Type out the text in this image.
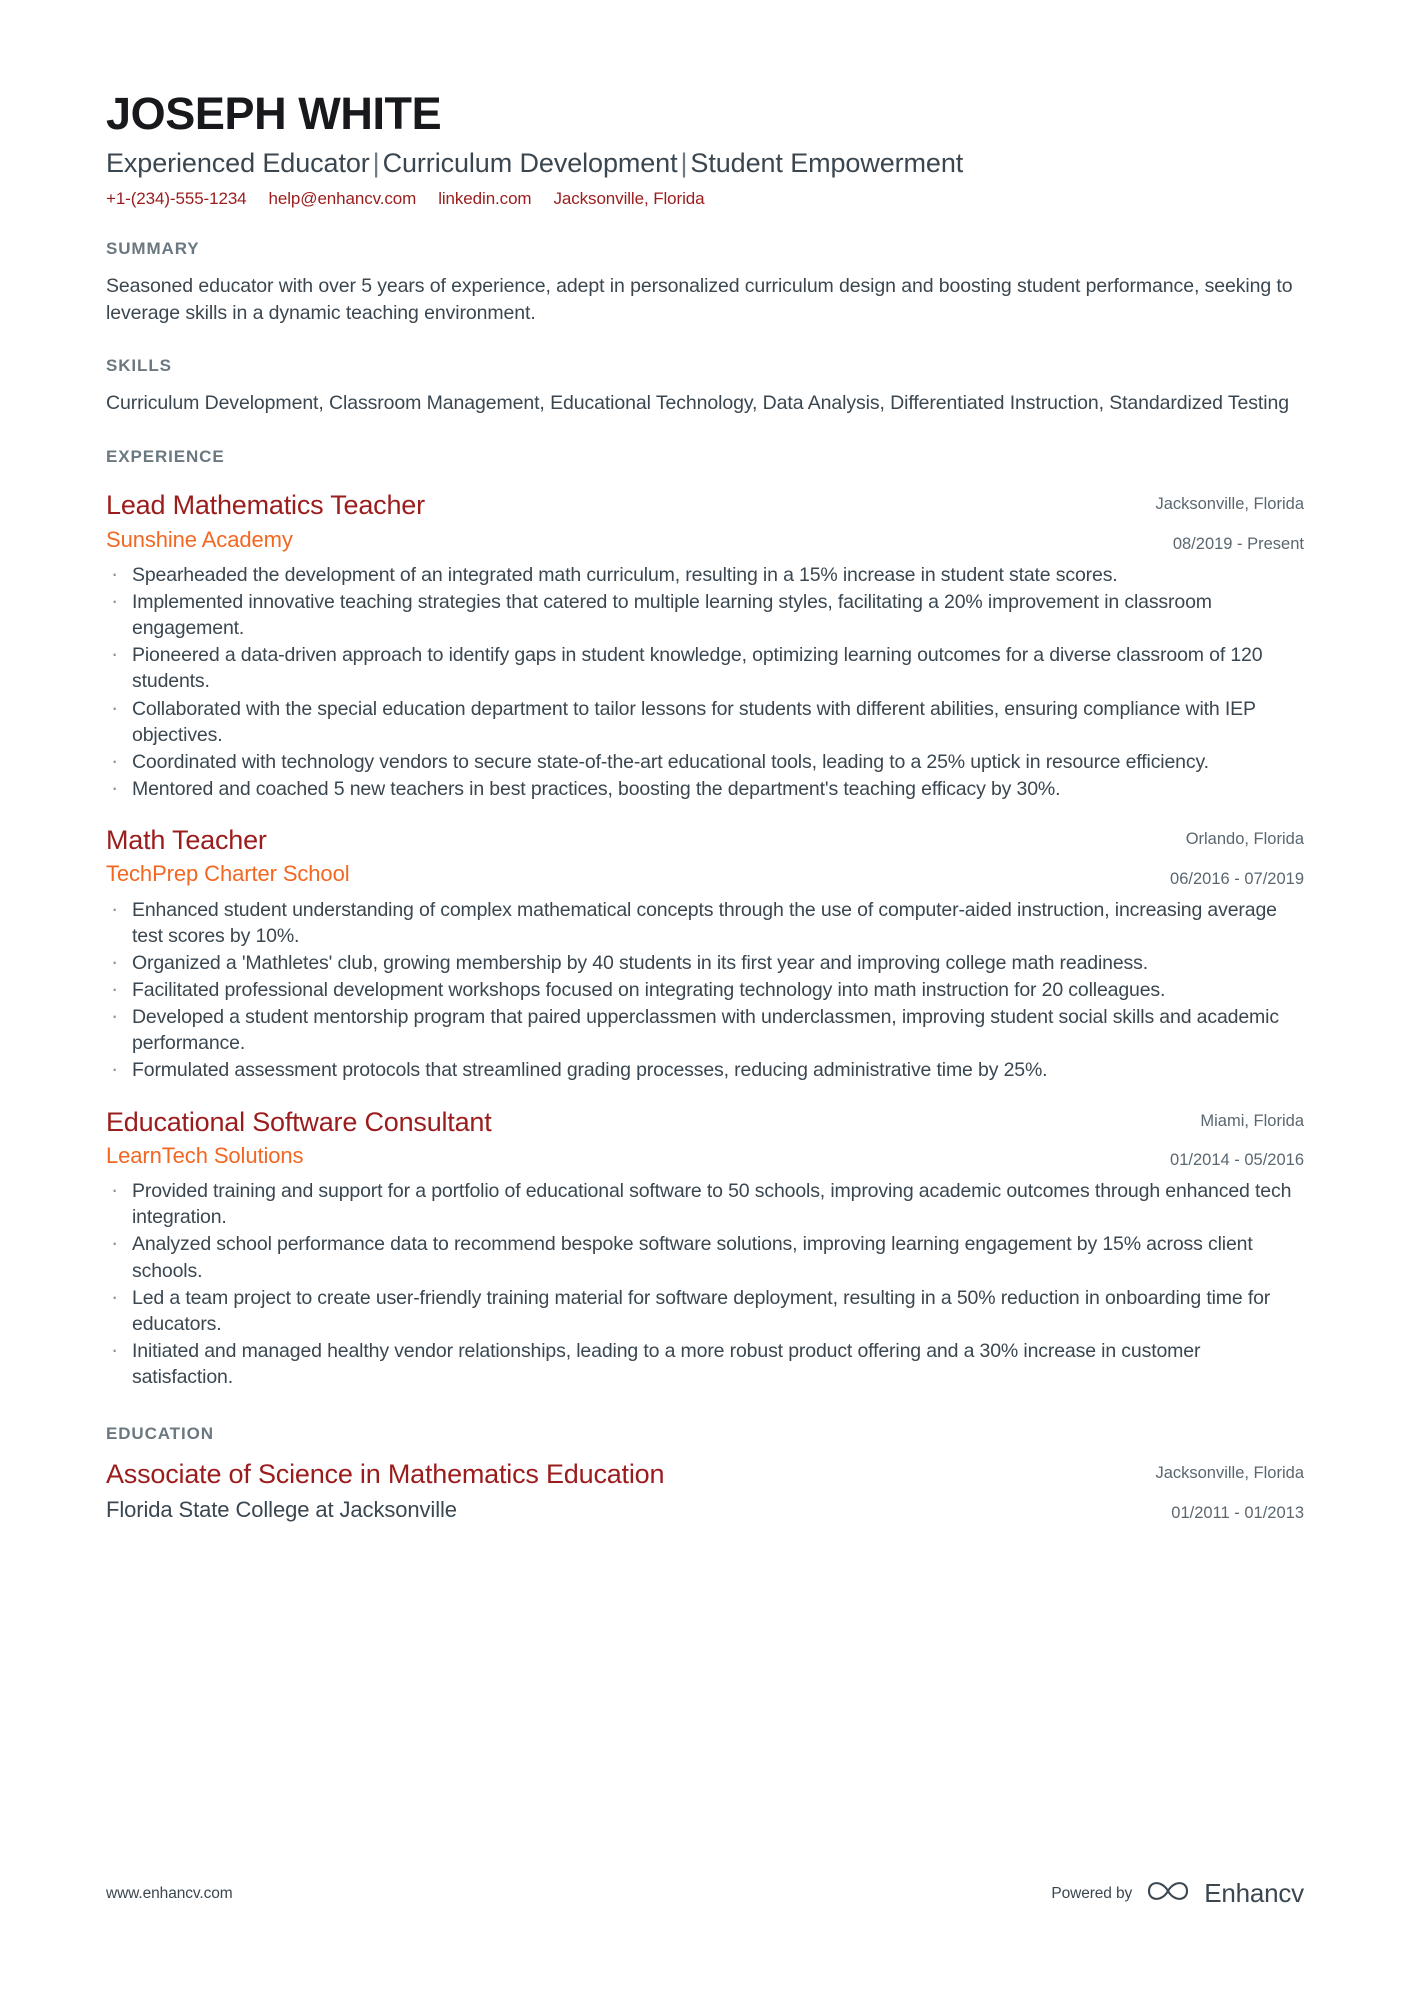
JOSEPH WHITE
Experienced Educator | Curriculum Development | Student Empowerment
+1-(234)-555-1234 help@enhancv.com linkedin.com Jacksonville, Florida
SUMMARY

Seasoned educator with over 5 years of experience, adept in personalized curriculum design and boosting student performance, seeking to leverage skills in a dynamic teaching environment.

SKILLS

Curriculum Development, Classroom Management, Educational Technology, Data Analysis, Differentiated Instruction, Standardized Testing

EXPERIENCE
Lead Mathematics Teacher
Sunshine Academy
Jacksonville, Florida
08/2019 - Present
· Spearheaded the development of an integrated math curriculum, resulting in a 15% increase in student state scores.
· Implemented innovative teaching strategies that catered to multiple learning styles, facilitating a 20% improvement in classroom engagement.
· Pioneered a data-driven approach to identify gaps in student knowledge, optimizing learning outcomes for a diverse classroom of 120 students.
· Collaborated with the special education department to tailor lessons for students with different abilities, ensuring compliance with IEP objectives.
· Coordinated with technology vendors to secure state-of-the-art educational tools, leading to a 25% uptick in resource efficiency.
· Mentored and coached 5 new teachers in best practices, boosting the department's teaching efficacy by 30%.
Math Teacher
TechPrep Charter School
Orlando, Florida
06/2016 - 07/2019
· Enhanced student understanding of complex mathematical concepts through the use of computer-aided instruction, increasing average test scores by 10%.
· Organized a 'Mathletes' club, growing membership by 40 students in its first year and improving college math readiness.
· Facilitated professional development workshops focused on integrating technology into math instruction for 20 colleagues.
· Developed a student mentorship program that paired upperclassmen with underclassmen, improving student social skills and academic performance.
· Formulated assessment protocols that streamlined grading processes, reducing administrative time by 25%.
Educational Software Consultant
LearnTech Solutions
Miami, Florida
01/2014 - 05/2016
· Provided training and support for a portfolio of educational software to 50 schools, improving academic outcomes through enhanced tech integration.
· Analyzed school performance data to recommend bespoke software solutions, improving learning engagement by 15% across client schools.
· Led a team project to create user-friendly training material for software deployment, resulting in a 50% reduction in onboarding time for educators.
· Initiated and managed healthy vendor relationships, leading to a more robust product offering and a 30% increase in customer satisfaction.
EDUCATION
Associate of Science in Mathematics Education
Florida State College at Jacksonville
Jacksonville, Florida
01/2011 - 01/2013
www.enhancv.com	Powered by	Enhancv
